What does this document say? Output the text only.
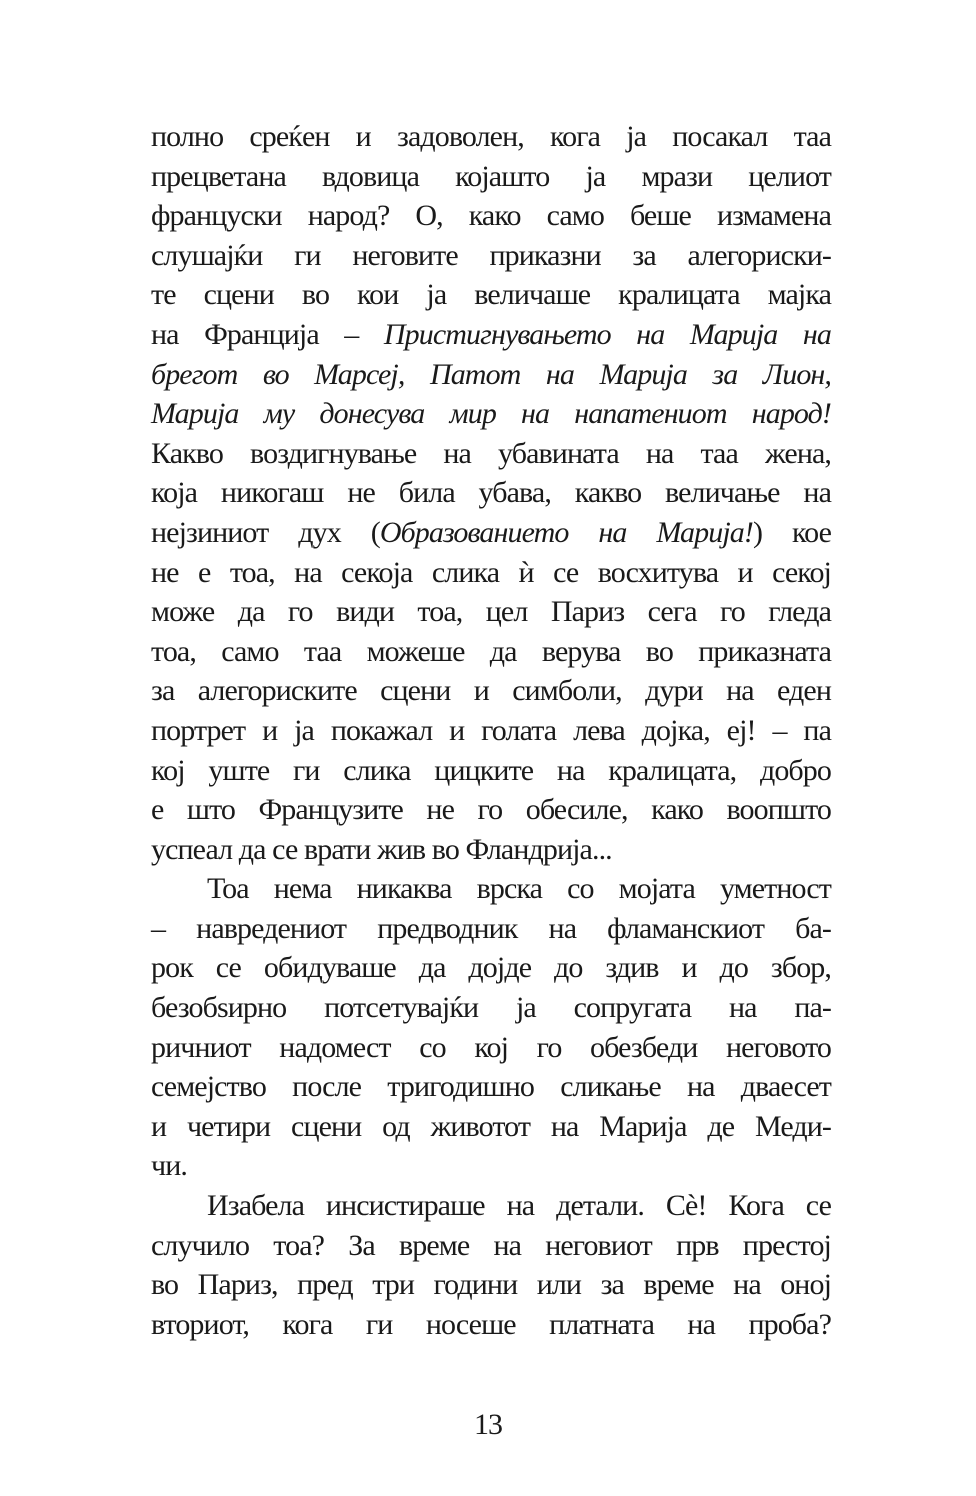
полно среќен и задоволен, кога ја посакал таа
прецветана вдовица којашто ја мрази целиот
француски народ? О, како само беше измамена
слушајќи ги неговите приказни за алегориски-
те сцени во кои ја величаше кралицата мајка
на Франција – Пристигнувањето на Марија на
брегот во Марсеј, Патот на Марија за Лион,
Марија му донесува мир на напатениот народ!
Какво воздигнување на убавината на таа жена,
која никогаш не била убава, какво величање на
нејзиниот дух (Образованието на Марија!) кое
не е тоа, на секоја слика ѝ се восхитува и секој
може да го види тоа, цел Париз сега го гледа
тоа, само таа можеше да верува во приказната
за алегориските сцени и симболи, дури на еден
портрет и ја покажал и голата лева дојка, еј! – па
кој уште ги слика цицките на кралицата, добро
е што Французите не го обесиле, како воопшто
успеал да се врати жив во Фландрија...
Тоа нема никаква врска со мојата уметност
– навредениот предводник на фламанскиот ба-
рок се обидуваше да дојде до здив и до збор,
безобѕирно потсетувајќи ја сопругата на па-
ричниот надомест со кој го обезбеди неговото
семејство после тригодишно сликање на дваесет
и четири сцени од животот на Марија де Меди-
чи.
Изабела инсистираше на детали. Сѐ! Кога се
случило тоа? За време на неговиот прв престој
во Париз, пред три години или за време на оној
вториот, кога ги носеше платната на проба?
13
